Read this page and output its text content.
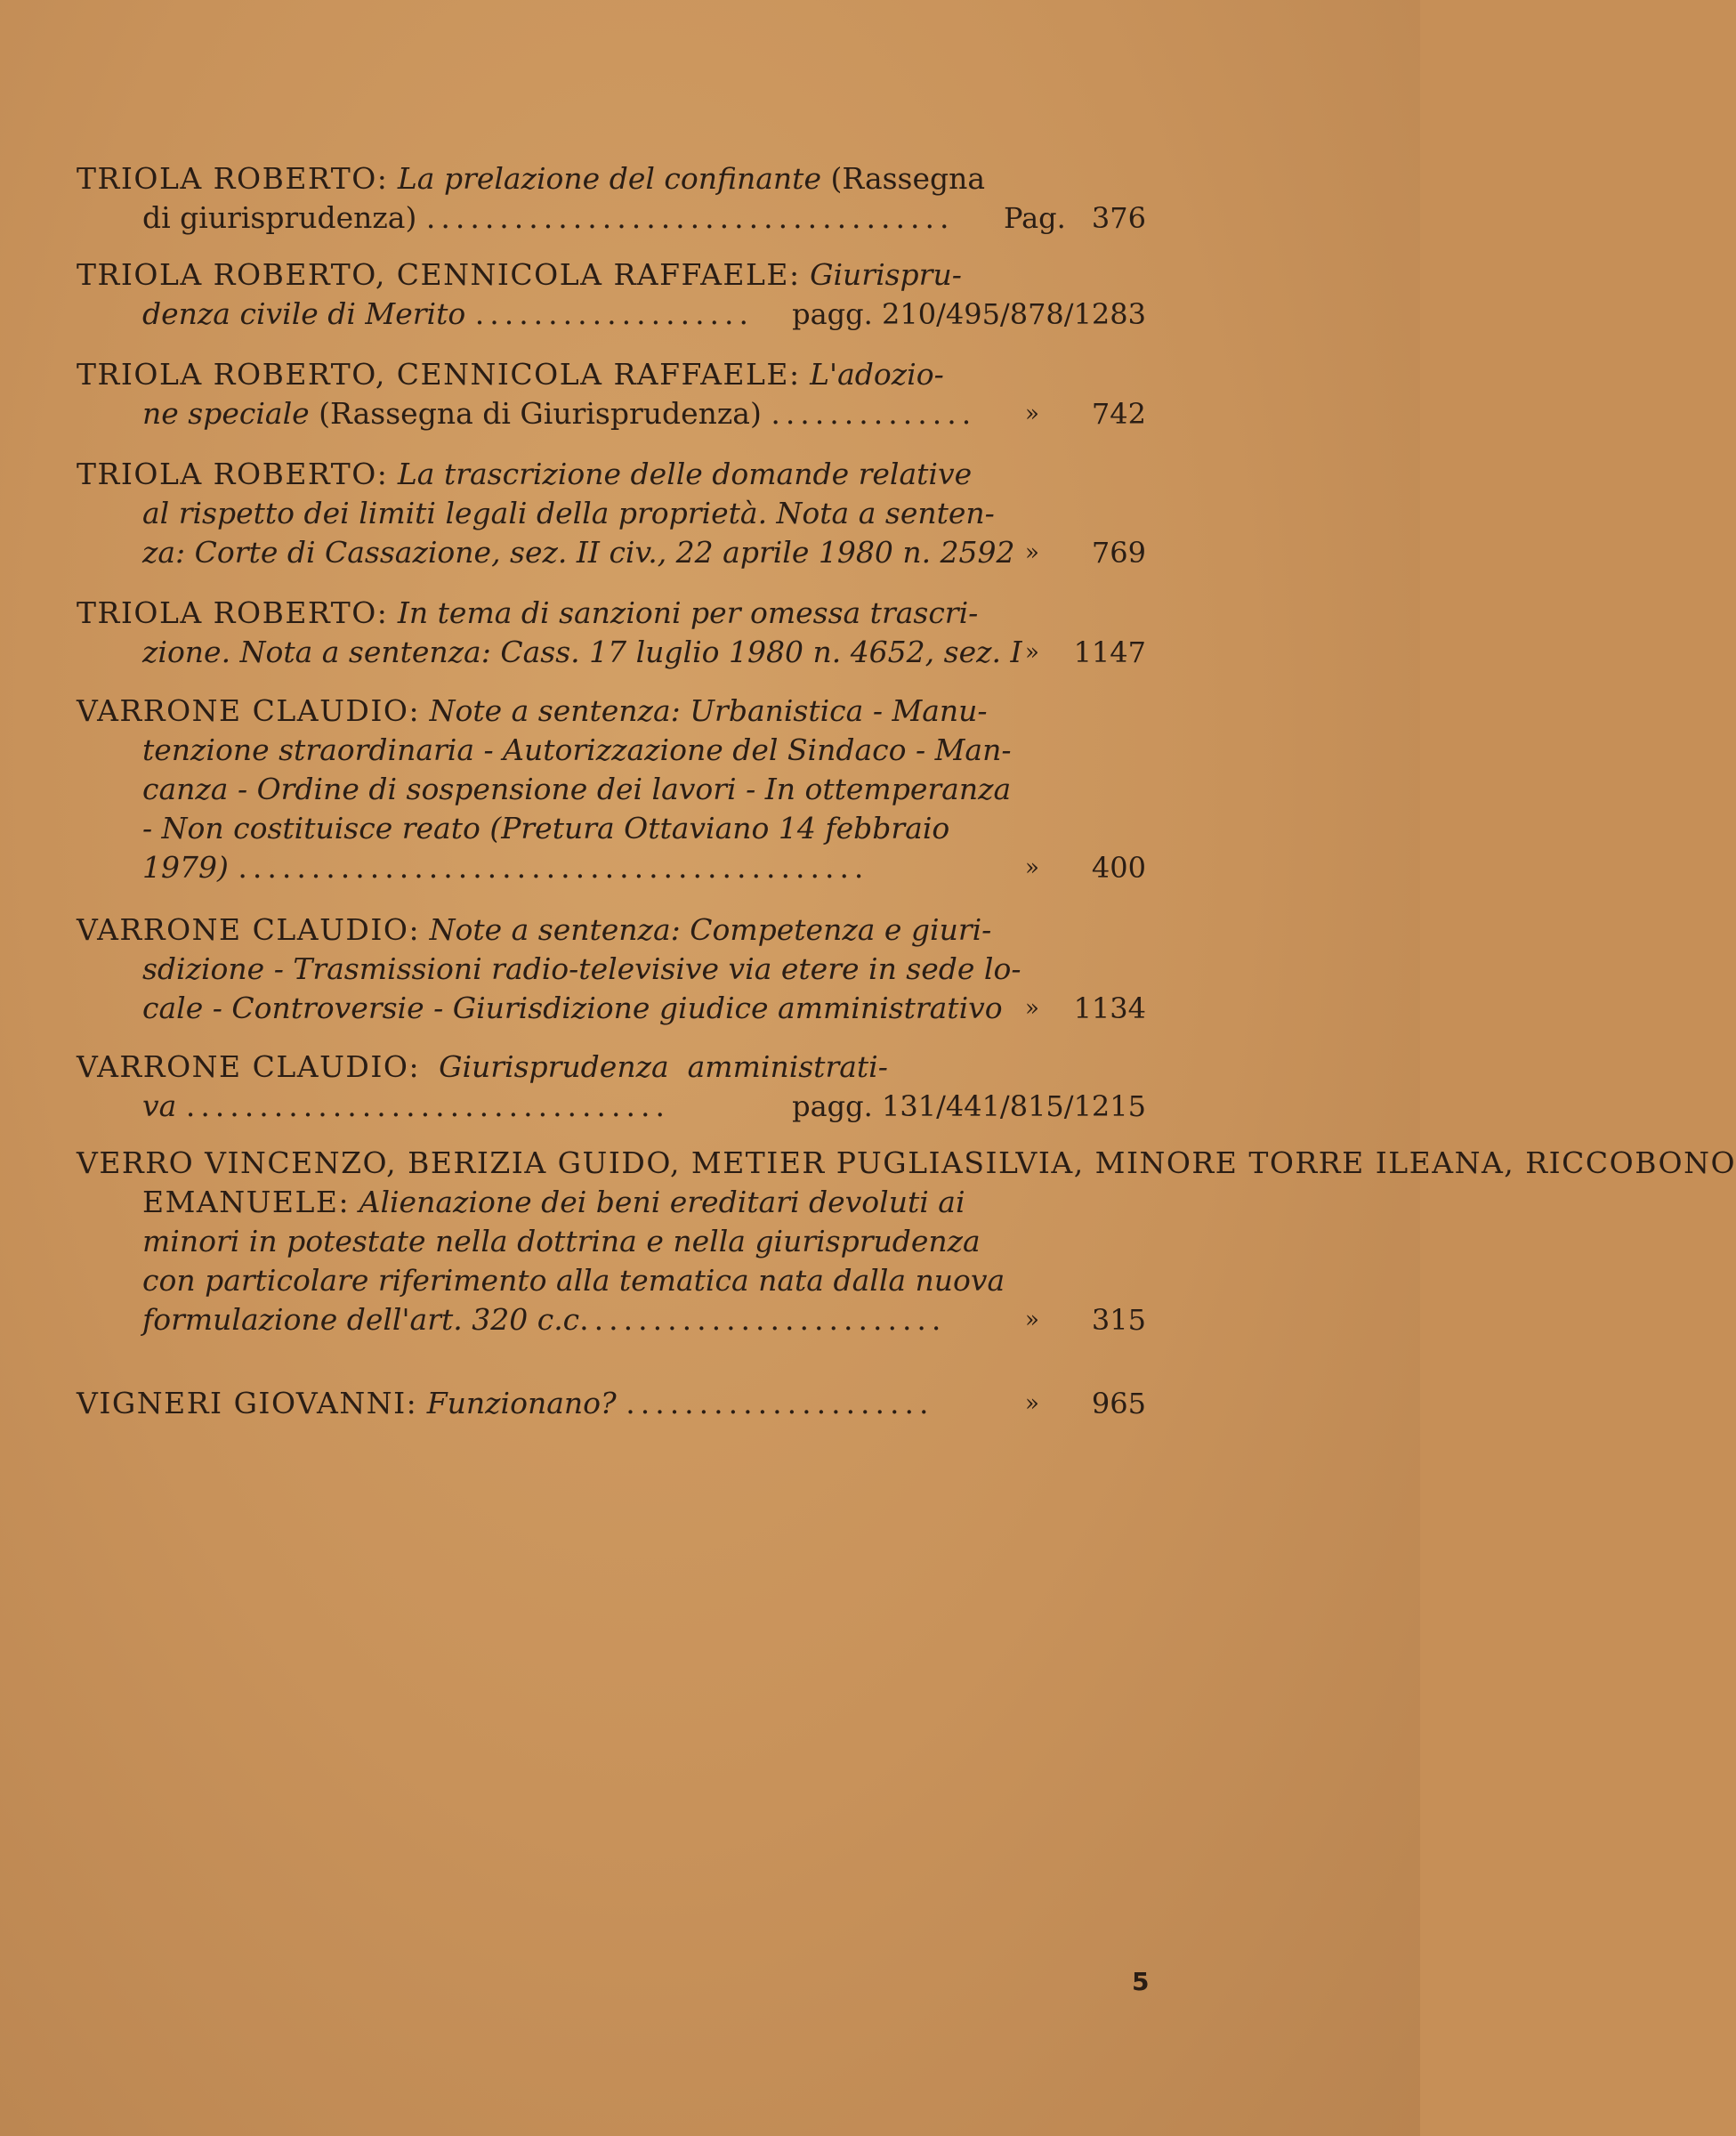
TRIOLA ROBERTO: La prelazione del confinante (Rassegna
di giurisprudenza) ....................................	Pag. 376
TRIOLA ROBERTO, CENNICOLA RAFFAELE: Giurispru-
denza civile di Merito ................... pagg. 210/495/878/1283
TRIOLA ROBERTO, CENNICOLA RAFFAELE: L'adozio-
ne speciale (Rassegna di Giurisprudenza) ..............	» 742
TRIOLA ROBERTO: La trascrizione delle domande relative
al rispetto dei limiti legali della proprietà. Nota a senten-
za: Corte di Cassazione, sez. II civ., 22 aprile 1980 n. 2592 » 769
TRIOLA ROBERTO: In tema di sanzioni per omessa trascri-
zione. Nota a sentenza: Cass. 17 luglio 1980 n. 4652, sez. I » 1147
VARRONE CLAUDIO: Note a sentenza: Urbanistica - Manu-
tenzione straordinaria - Autorizzazione del Sindaco - Man-
canza - Ordine di sospensione dei lavori - In ottemperanza
- Non costituisce reato (Pretura Ottaviano 14 febbraio
1979) ...........................................	» 400
VARRONE CLAUDIO: Note a sentenza: Competenza e giuri-
sdizione - Trasmissioni radio-televisive via etere in sede lo-
cale - Controversie - Giurisdizione giudice amministrativo » 1134
VARRONE CLAUDIO: Giurisprudenza  amministrati-
va .................................	pagg. 131/441/815/1215
VERRO VINCENZO, BERIZIA GUIDO, METIER PUGLIASILVIA, MINORE TORRE ILEANA, RICCOBONO
EMANUELE: Alienazione dei beni ereditari devoluti ai
minori in potestate nella dottrina e nella giurisprudenza
con particolare riferimento alla tematica nata dalla nuova
formulazione dell'art. 320 c.c.........................	» 315
VIGNERI GIOVANNI: Funzionano? .....................	» 965
5
